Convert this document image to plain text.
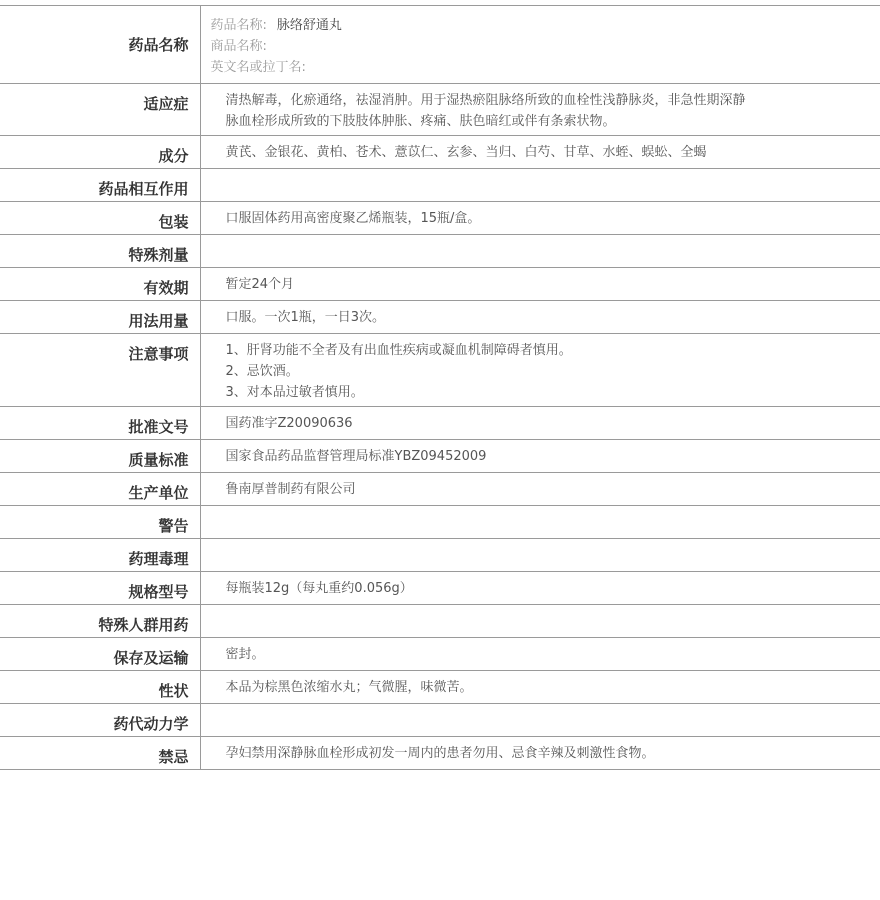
药品名称	药品名称: 脉络舒通丸
商品名称:
英文名或拉丁名:

适应症	清热解毒，化瘀通络，祛湿消肿。用于湿热瘀阻脉络所致的血栓性浅静脉炎，非急性期深静
脉血栓形成所致的下肢肢体肿胀、疼痛、肤色暗红或伴有条索状物。

成分	黄芪、金银花、黄柏、苍术、薏苡仁、玄参、当归、白芍、甘草、水蛭、蜈蚣、全蝎

药品相互作用	
包装	口服固体药用高密度聚乙烯瓶装，15瓶/盒。

特殊剂量	
有效期	暂定24个月

用法用量	口服。一次1瓶，一日3次。

注意事项	1、肝肾功能不全者及有出血性疾病或凝血机制障碍者慎用。
2、忌饮酒。
3、对本品过敏者慎用。

批准文号	国药准字Z20090636

质量标准	国家食品药品监督管理局标准YBZ09452009

生产单位	鲁南厚普制药有限公司

警告	
药理毒理	
规格型号	每瓶装12g（每丸重约0.056g）

特殊人群用药	
保存及运输	密封。

性状	本品为棕黑色浓缩水丸；气微腥，味微苦。

药代动力学	
禁忌	孕妇禁用深静脉血栓形成初发一周内的患者勿用、忌食辛辣及刺激性食物。
